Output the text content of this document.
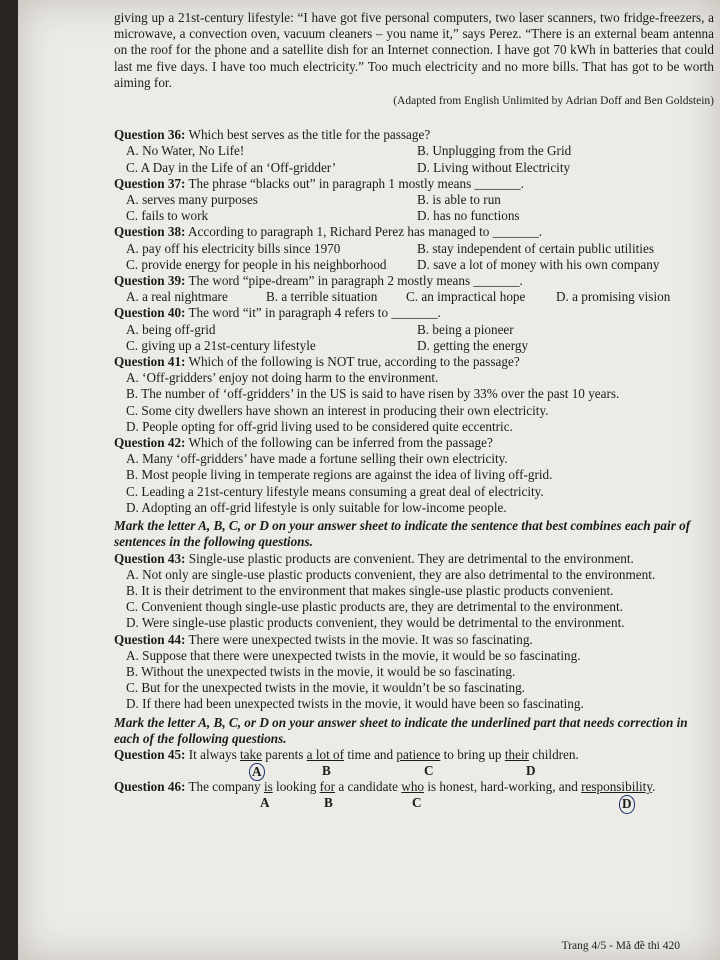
giving up a 21st-century lifestyle: “I have got five personal computers, two laser scanners, two fridge-freezers, a microwave, a convection oven, vacuum cleaners – you name it,” says Perez. “There is an external beam antenna on the roof for the phone and a satellite dish for an Internet connection. I have got 70 kWh in batteries that could last me five days. I have too much electricity.” Too much electricity and no more bills. That has got to be worth aiming for.

(Adapted from English Unlimited by Adrian Doff and Ben Goldstein)
Question 36: Which best serves as the title for the passage?
A. No Water, No Life!	B. Unplugging from the Grid
C. A Day in the Life of an ‘Off-gridder’	D. Living without Electricity
Question 37: The phrase “blacks out” in paragraph 1 mostly means _______.
A. serves many purposes	B. is able to run
C. fails to work	D. has no functions
Question 38: According to paragraph 1, Richard Perez has managed to _______.
A. pay off his electricity bills since 1970	B. stay independent of certain public utilities
C. provide energy for people in his neighborhood	D. save a lot of money with his own company
Question 39: The word “pipe-dream” in paragraph 2 mostly means _______.
A. a real nightmare	B. a terrible situation	C. an impractical hope	D. a promising vision
Question 40: The word “it” in paragraph 4 refers to _______.
A. being off-grid	B. being a pioneer
C. giving up a 21st-century lifestyle	D. getting the energy
Question 41: Which of the following is NOT true, according to the passage?
A. ‘Off-gridders’ enjoy not doing harm to the environment.
B. The number of ‘off-gridders’ in the US is said to have risen by 33% over the past 10 years.
C. Some city dwellers have shown an interest in producing their own electricity.
D. People opting for off-grid living used to be considered quite eccentric.
Question 42: Which of the following can be inferred from the passage?
A. Many ‘off-gridders’ have made a fortune selling their own electricity.
B. Most people living in temperate regions are against the idea of living off-grid.
C. Leading a 21st-century lifestyle means consuming a great deal of electricity.
D. Adopting an off-grid lifestyle is only suitable for low-income people.

Mark the letter A, B, C, or D on your answer sheet to indicate the sentence that best combines each pair of sentences in the following questions.

Question 43: Single-use plastic products are convenient. They are detrimental to the environment.
A. Not only are single-use plastic products convenient, they are also detrimental to the environment.
B. It is their detriment to the environment that makes single-use plastic products convenient.
C. Convenient though single-use plastic products are, they are detrimental to the environment.
D. Were single-use plastic products convenient, they would be detrimental to the environment.
Question 44: There were unexpected twists in the movie. It was so fascinating.
A. Suppose that there were unexpected twists in the movie, it would be so fascinating.
B. Without the unexpected twists in the movie, it would be so fascinating.
C. But for the unexpected twists in the movie, it wouldn’t be so fascinating.
D. If there had been unexpected twists in the movie, it would have been so fascinating.

Mark the letter A, B, C, or D on your answer sheet to indicate the underlined part that needs correction in each of the following questions.

Question 45: It always take parents a lot of time and patience to bring up their children.
A	B	C	D
Question 46: The company is looking for a candidate who is honest, hard-working, and responsibility.
A	B	C	D
Trang 4/5 - Mã đề thi 420
